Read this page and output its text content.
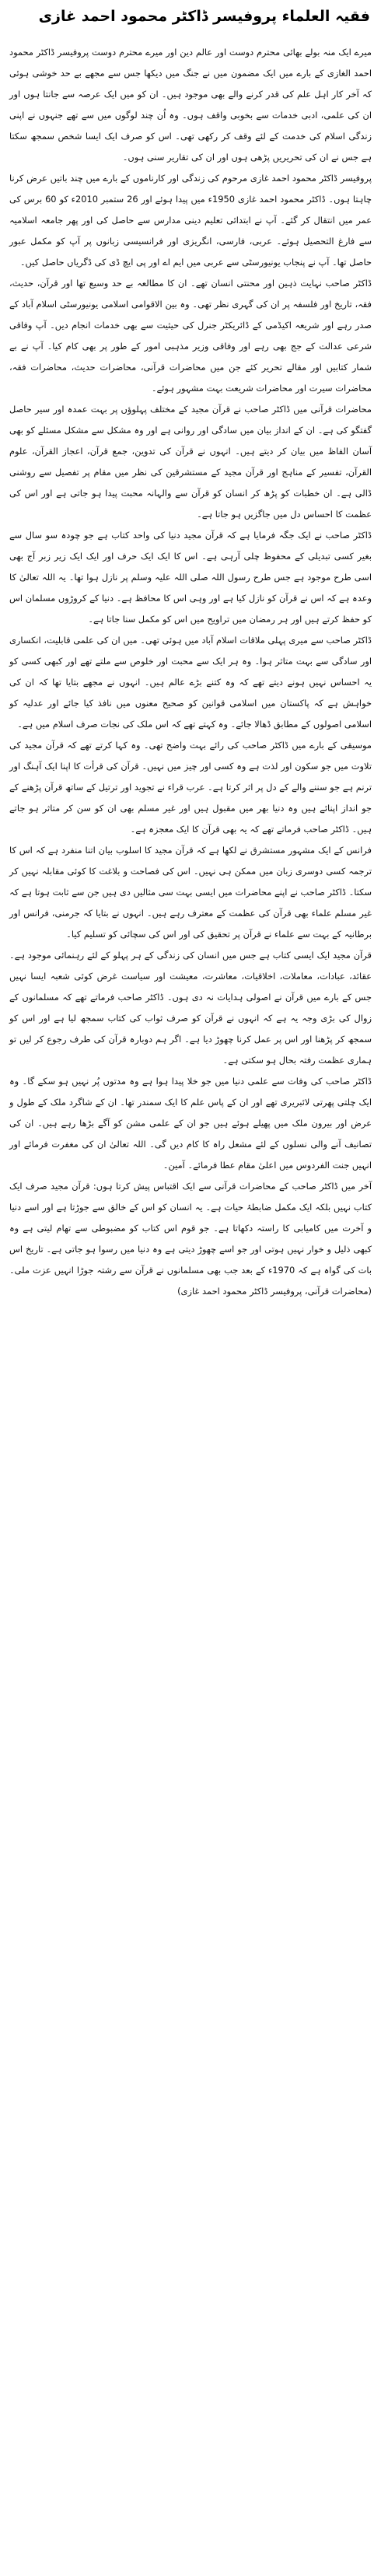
فقیہ العلماء پروفیسر ڈاکٹر محمود احمد غازی

میرے ایک منہ بولے بھائی محترم دوست اور عالم دین اور میرے محترم دوست پروفیسر ڈاکٹر محمود احمد الغازی کے بارے میں ایک مضمون میں نے جنگ میں دیکھا جس سے مجھے بے حد خوشی ہوئی کہ آخر کار اہل علم کی قدر کرنے والے بھی موجود ہیں۔ ان کو میں ایک عرصہ سے جانتا ہوں اور ان کی علمی، ادبی خدمات سے بخوبی واقف ہوں۔ وہ اُن چند لوگوں میں سے تھے جنہوں نے اپنی زندگی اسلام کی خدمت کے لئے وقف کر رکھی تھی۔ اس کو صرف ایک ایسا شخص سمجھ سکتا ہے جس نے ان کی تحریریں پڑھی ہوں اور ان کی تقاریر سنی ہوں۔

پروفیسر ڈاکٹر محمود احمد غازی مرحوم کی زندگی اور کارناموں کے بارے میں چند باتیں عرض کرنا چاہتا ہوں۔ ڈاکٹر محمود احمد غازی 1950ء میں پیدا ہوئے اور 26 ستمبر 2010ء کو 60 برس کی عمر میں انتقال کر گئے۔ آپ نے ابتدائی تعلیم دینی مدارس سے حاصل کی اور پھر جامعہ اسلامیہ سے فارغ التحصیل ہوئے۔ عربی، فارسی، انگریزی اور فرانسیسی زبانوں پر آپ کو مکمل عبور حاصل تھا۔ آپ نے پنجاب یونیورسٹی سے عربی میں ایم اے اور پی ایچ ڈی کی ڈگریاں حاصل کیں۔

ڈاکٹر صاحب نہایت ذہین اور محنتی انسان تھے۔ ان کا مطالعہ بے حد وسیع تھا اور قرآن، حدیث، فقہ، تاریخ اور فلسفہ پر ان کی گہری نظر تھی۔ وہ بین الاقوامی اسلامی یونیورسٹی اسلام آباد کے صدر رہے اور شریعہ اکیڈمی کے ڈائریکٹر جنرل کی حیثیت سے بھی خدمات انجام دیں۔ آپ وفاقی شرعی عدالت کے جج بھی رہے اور وفاقی وزیر مذہبی امور کے طور پر بھی کام کیا۔ آپ نے بے شمار کتابیں اور مقالے تحریر کئے جن میں محاضرات قرآنی، محاضرات حدیث، محاضرات فقہ، محاضرات سیرت اور محاضرات شریعت بہت مشہور ہوئے۔

محاضرات قرآنی میں ڈاکٹر صاحب نے قرآن مجید کے مختلف پہلوؤں پر بہت عمدہ اور سیر حاصل گفتگو کی ہے۔ ان کے انداز بیان میں سادگی اور روانی ہے اور وہ مشکل سے مشکل مسئلے کو بھی آسان الفاظ میں بیان کر دیتے ہیں۔ انہوں نے قرآن کی تدوین، جمع قرآن، اعجاز القرآن، علوم القرآن، تفسیر کے مناہج اور قرآن مجید کے مستشرقین کی نظر میں مقام پر تفصیل سے روشنی ڈالی ہے۔ ان خطبات کو پڑھ کر انسان کو قرآن سے والہانہ محبت پیدا ہو جاتی ہے اور اس کی عظمت کا احساس دل میں جاگزیں ہو جاتا ہے۔

ڈاکٹر صاحب نے ایک جگہ فرمایا ہے کہ قرآن مجید دنیا کی واحد کتاب ہے جو چودہ سو سال سے بغیر کسی تبدیلی کے محفوظ چلی آرہی ہے۔ اس کا ایک ایک حرف اور ایک ایک زیر زبر آج بھی اسی طرح موجود ہے جس طرح رسول اللہ صلی اللہ علیہ وسلم پر نازل ہوا تھا۔ یہ اللہ تعالیٰ کا وعدہ ہے کہ اس نے قرآن کو نازل کیا ہے اور وہی اس کا محافظ ہے۔ دنیا کے کروڑوں مسلمان اس کو حفظ کرتے ہیں اور ہر رمضان میں تراویح میں اس کو مکمل سنا جاتا ہے۔

ڈاکٹر صاحب سے میری پہلی ملاقات اسلام آباد میں ہوئی تھی۔ میں ان کی علمی قابلیت، انکساری اور سادگی سے بہت متاثر ہوا۔ وہ ہر ایک سے محبت اور خلوص سے ملتے تھے اور کبھی کسی کو یہ احساس نہیں ہونے دیتے تھے کہ وہ کتنے بڑے عالم ہیں۔ انہوں نے مجھے بتایا تھا کہ ان کی خواہش ہے کہ پاکستان میں اسلامی قوانین کو صحیح معنوں میں نافذ کیا جائے اور عدلیہ کو اسلامی اصولوں کے مطابق ڈھالا جائے۔ وہ کہتے تھے کہ اس ملک کی نجات صرف اسلام میں ہے۔

موسیقی کے بارے میں ڈاکٹر صاحب کی رائے بہت واضح تھی۔ وہ کہا کرتے تھے کہ قرآن مجید کی تلاوت میں جو سکون اور لذت ہے وہ کسی اور چیز میں نہیں۔ قرآن کی قرأت کا اپنا ایک آہنگ اور ترنم ہے جو سننے والے کے دل پر اثر کرتا ہے۔ عرب قراء نے تجوید اور ترتیل کے ساتھ قرآن پڑھنے کے جو انداز اپنائے ہیں وہ دنیا بھر میں مقبول ہیں اور غیر مسلم بھی ان کو سن کر متاثر ہو جاتے ہیں۔ ڈاکٹر صاحب فرماتے تھے کہ یہ بھی قرآن کا ایک معجزہ ہے۔

فرانس کے ایک مشہور مستشرق نے لکھا ہے کہ قرآن مجید کا اسلوب بیان اتنا منفرد ہے کہ اس کا ترجمہ کسی دوسری زبان میں ممکن ہی نہیں۔ اس کی فصاحت و بلاغت کا کوئی مقابلہ نہیں کر سکتا۔ ڈاکٹر صاحب نے اپنے محاضرات میں ایسی بہت سی مثالیں دی ہیں جن سے ثابت ہوتا ہے کہ غیر مسلم علماء بھی قرآن کی عظمت کے معترف رہے ہیں۔ انہوں نے بتایا کہ جرمنی، فرانس اور برطانیہ کے بہت سے علماء نے قرآن پر تحقیق کی اور اس کی سچائی کو تسلیم کیا۔

قرآن مجید ایک ایسی کتاب ہے جس میں انسان کی زندگی کے ہر پہلو کے لئے رہنمائی موجود ہے۔ عقائد، عبادات، معاملات، اخلاقیات، معاشرت، معیشت اور سیاست غرض کوئی شعبہ ایسا نہیں جس کے بارے میں قرآن نے اصولی ہدایات نہ دی ہوں۔ ڈاکٹر صاحب فرماتے تھے کہ مسلمانوں کے زوال کی بڑی وجہ یہ ہے کہ انہوں نے قرآن کو صرف ثواب کی کتاب سمجھ لیا ہے اور اس کو سمجھ کر پڑھنا اور اس پر عمل کرنا چھوڑ دیا ہے۔ اگر ہم دوبارہ قرآن کی طرف رجوع کر لیں تو ہماری عظمت رفتہ بحال ہو سکتی ہے۔

ڈاکٹر صاحب کی وفات سے علمی دنیا میں جو خلا پیدا ہوا ہے وہ مدتوں پُر نہیں ہو سکے گا۔ وہ ایک چلتی پھرتی لائبریری تھے اور ان کے پاس علم کا ایک سمندر تھا۔ ان کے شاگرد ملک کے طول و عرض اور بیرون ملک میں پھیلے ہوئے ہیں جو ان کے علمی مشن کو آگے بڑھا رہے ہیں۔ ان کی تصانیف آنے والی نسلوں کے لئے مشعل راہ کا کام دیں گی۔ اللہ تعالیٰ ان کی مغفرت فرمائے اور انہیں جنت الفردوس میں اعلیٰ مقام عطا فرمائے۔ آمین۔

آخر میں ڈاکٹر صاحب کے محاضرات قرآنی سے ایک اقتباس پیش کرتا ہوں: قرآن مجید صرف ایک کتاب نہیں بلکہ ایک مکمل ضابطۂ حیات ہے۔ یہ انسان کو اس کے خالق سے جوڑتا ہے اور اسے دنیا و آخرت میں کامیابی کا راستہ دکھاتا ہے۔ جو قوم اس کتاب کو مضبوطی سے تھام لیتی ہے وہ کبھی ذلیل و خوار نہیں ہوتی اور جو اسے چھوڑ دیتی ہے وہ دنیا میں رسوا ہو جاتی ہے۔ تاریخ اس بات کی گواہ ہے کہ 1970ء کے بعد جب بھی مسلمانوں نے قرآن سے رشتہ جوڑا انہیں عزت ملی۔ (محاضرات قرآنی، پروفیسر ڈاکٹر محمود احمد غازی)
